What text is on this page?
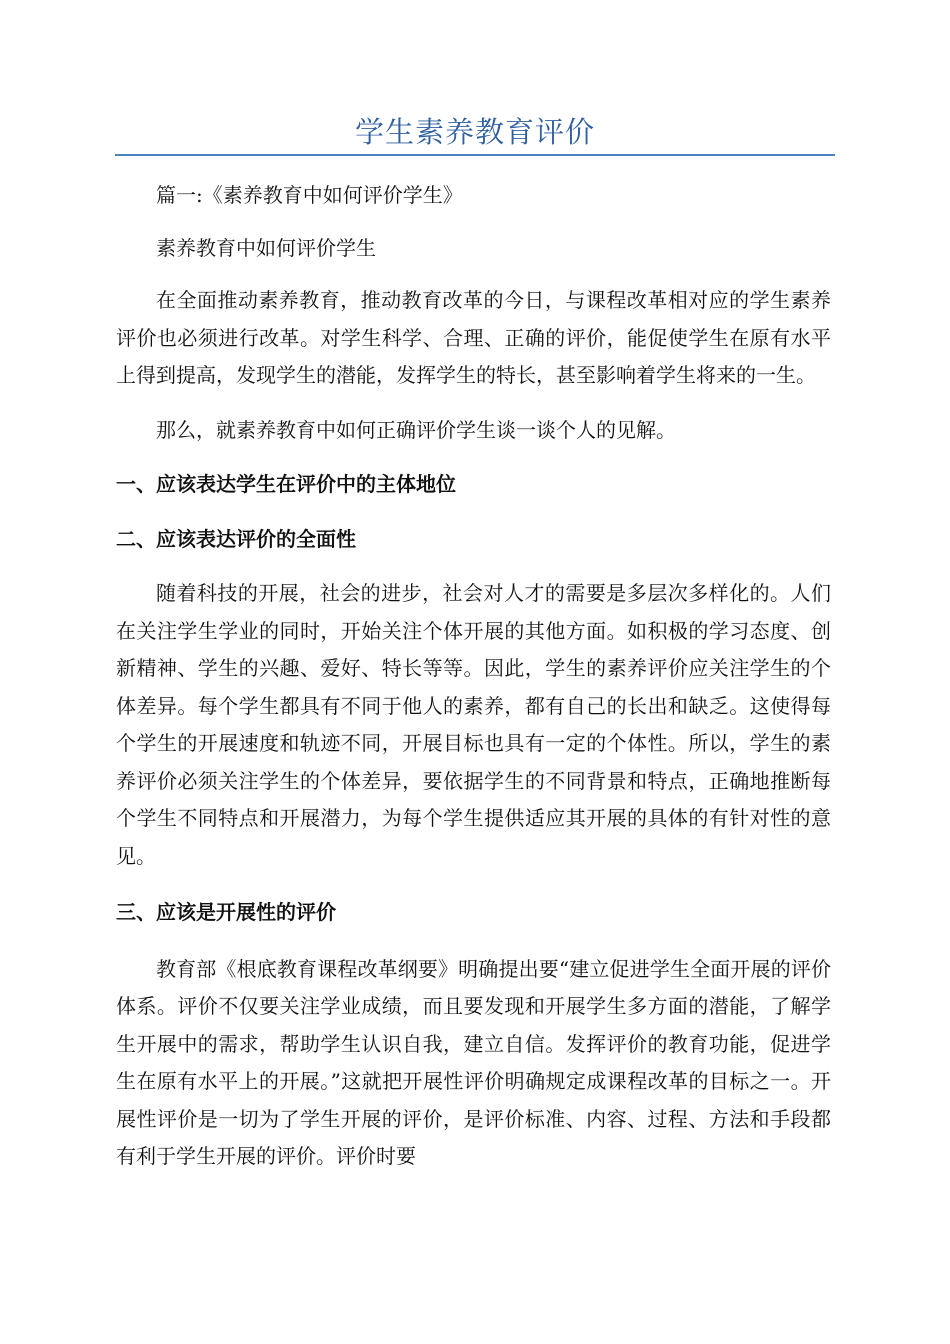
学生素养教育评价

篇一:《素养教育中如何评价学生》

素养教育中如何评价学生

在全面推动素养教育，推动教育改革的今日，与课程改革相对应的学生素养评价也必须进行改革。对学生科学、合理、正确的评价，能促使学生在原有水平上得到提高，发现学生的潜能，发挥学生的特长，甚至影响着学生将来的一生。

那么，就素养教育中如何正确评价学生谈一谈个人的见解。

一、应该表达学生在评价中的主体地位

二、应该表达评价的全面性

随着科技的开展，社会的进步，社会对人才的需要是多层次多样化的。人们在关注学生学业的同时，开始关注个体开展的其他方面。如积极的学习态度、创新精神、学生的兴趣、爱好、特长等等。因此，学生的素养评价应关注学生的个体差异。每个学生都具有不同于他人的素养，都有自己的长出和缺乏。这使得每个学生的开展速度和轨迹不同，开展目标也具有一定的个体性。所以，学生的素养评价必须关注学生的个体差异，要依据学生的不同背景和特点，正确地推断每个学生不同特点和开展潜力，为每个学生提供适应其开展的具体的有针对性的意见。

三、应该是开展性的评价

教育部《根底教育课程改革纲要》明确提出要“建立促进学生全面开展的评价体系。评价不仅要关注学业成绩，而且要发现和开展学生多方面的潜能，了解学生开展中的需求，帮助学生认识自我，建立自信。发挥评价的教育功能，促进学生在原有水平上的开展。”这就把开展性评价明确规定成课程改革的目标之一。开展性评价是一切为了学生开展的评价，是评价标准、内容、过程、方法和手段都有利于学生开展的评价。评价时要
